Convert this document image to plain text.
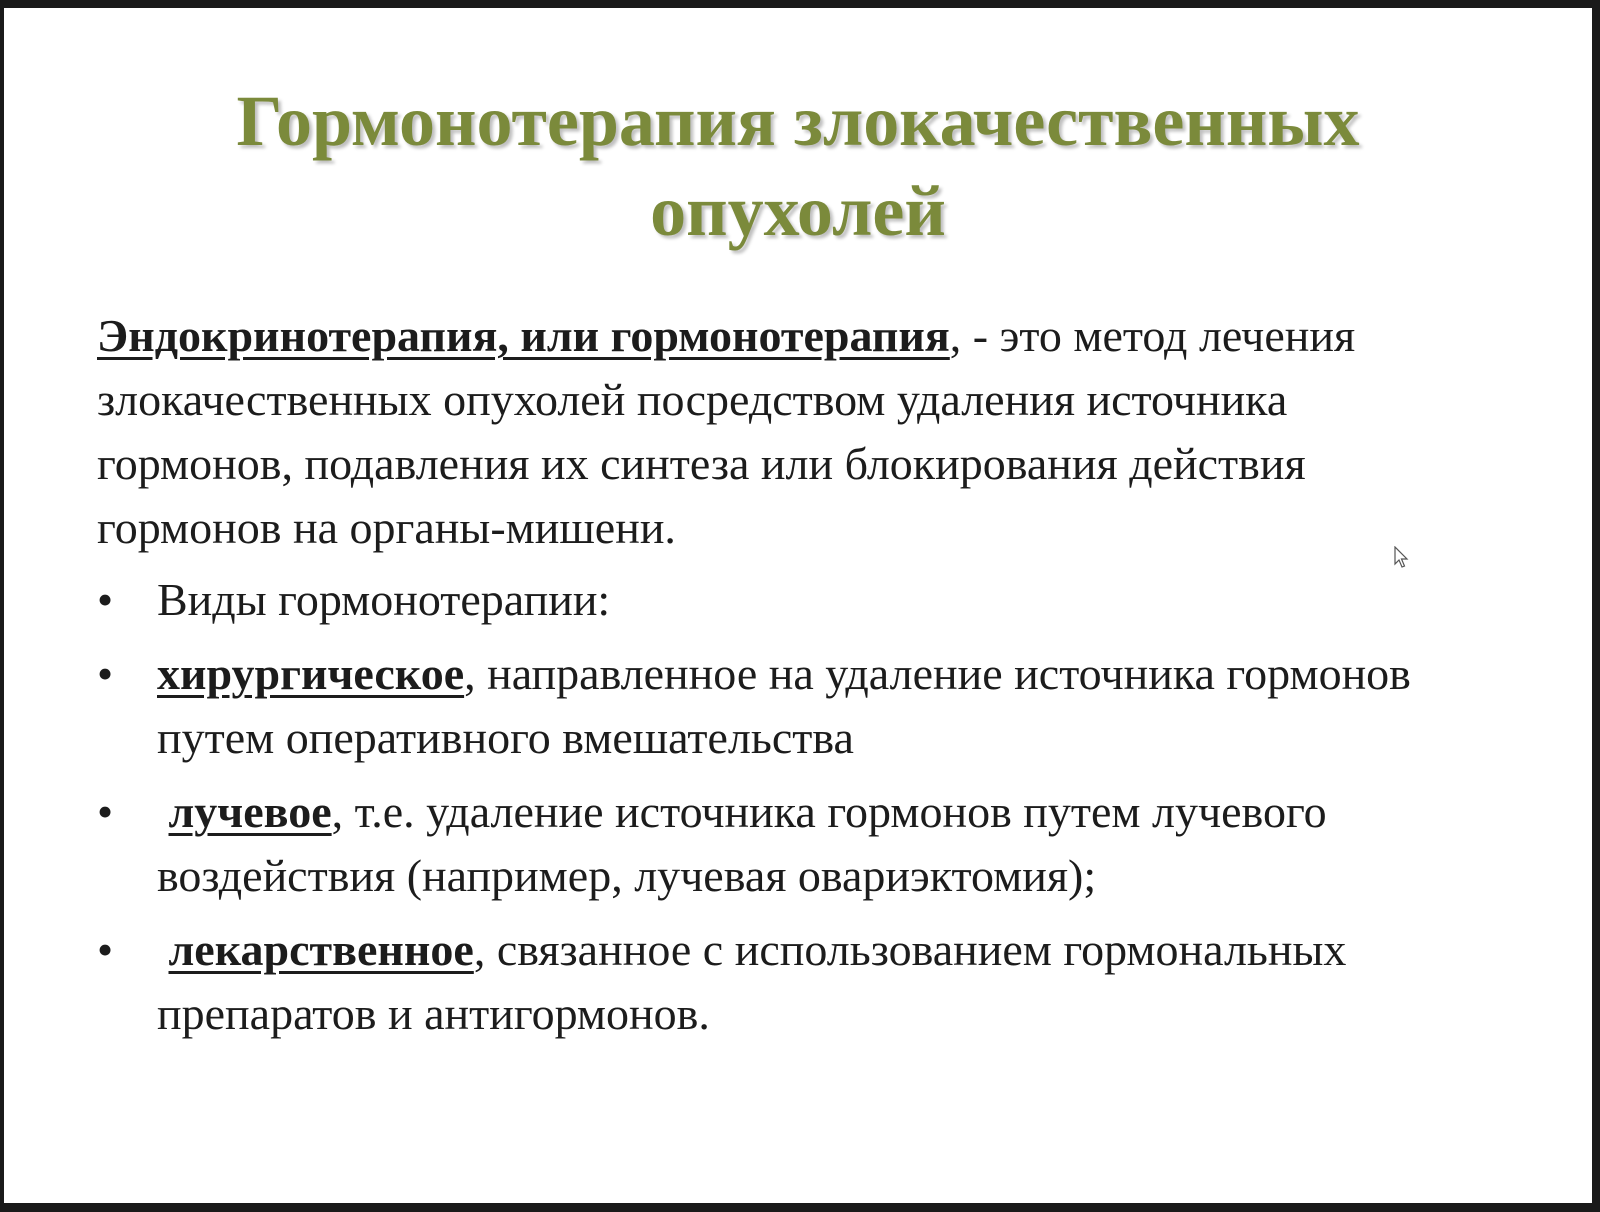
Гормонотерапия злокачественных
опухолей

Эндокринотерапия, или гормонотерапия, - это метод лечения злокачественных опухолей посредством удаления источника гормонов, подавления их синтеза или блокирования действия гормонов на органы-мишени.

• Виды гормонотерапии:
• хирургическое, направленное на удаление источника гормонов путем оперативного вмешательства
• лучевое, т.е. удаление источника гормонов путем лучевого воздействия (например, лучевая овариэктомия);
• лекарственное, связанное с использованием гормональных препаратов и антигормонов.
